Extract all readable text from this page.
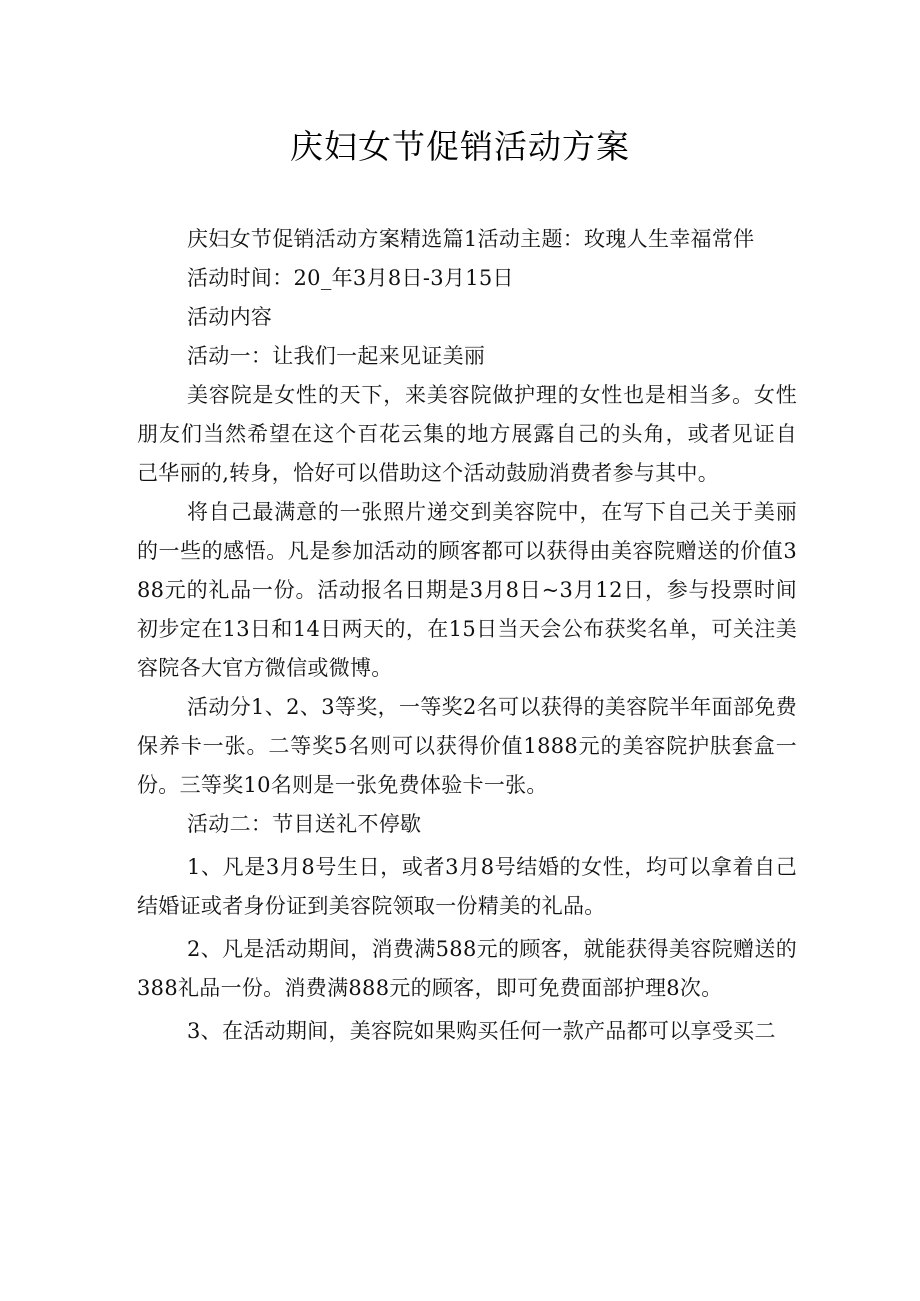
庆妇女节促销活动方案

庆妇女节促销活动方案精选篇1活动主题：玫瑰人生幸福常伴

活动时间：20_年3月8日-3月15日

活动内容

活动一：让我们一起来见证美丽

美容院是女性的天下，来美容院做护理的女性也是相当多。女性朋友们当然希望在这个百花云集的地方展露自己的头角，或者见证自己华丽的,转身，恰好可以借助这个活动鼓励消费者参与其中。

将自己最满意的一张照片递交到美容院中，在写下自己关于美丽的一些的感悟。凡是参加活动的顾客都可以获得由美容院赠送的价值388元的礼品一份。活动报名日期是3月8日~3月12日，参与投票时间初步定在13日和14日两天的，在15日当天会公布获奖名单，可关注美容院各大官方微信或微博。

活动分1、2、3等奖，一等奖2名可以获得的美容院半年面部免费保养卡一张。二等奖5名则可以获得价值1888元的美容院护肤套盒一份。三等奖10名则是一张免费体验卡一张。

活动二：节目送礼不停歇

1、凡是3月8号生日，或者3月8号结婚的女性，均可以拿着自己结婚证或者身份证到美容院领取一份精美的礼品。

2、凡是活动期间，消费满588元的顾客，就能获得美容院赠送的388礼品一份。消费满888元的顾客，即可免费面部护理8次。

3、在活动期间，美容院如果购买任何一款产品都可以享受买二
